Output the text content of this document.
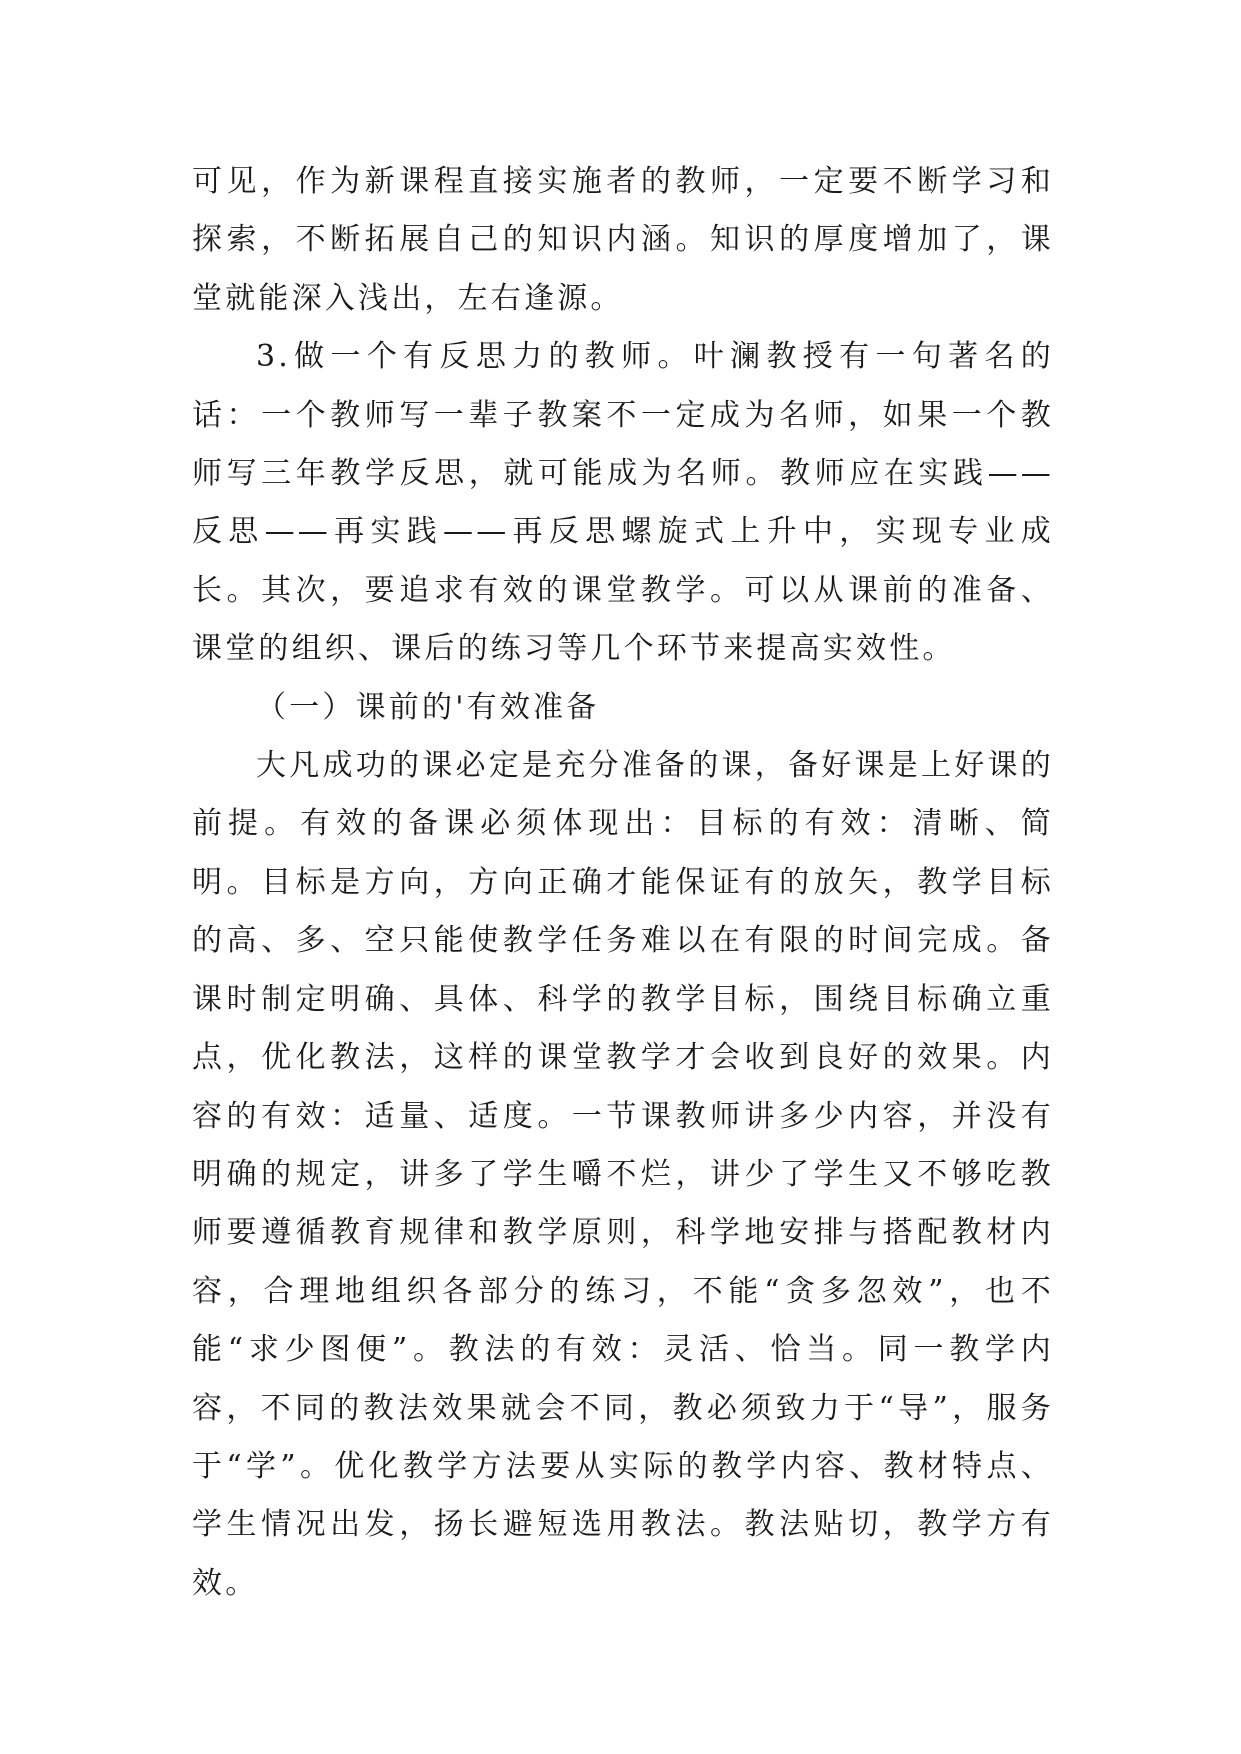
可见，作为新课程直接实施者的教师，一定要不断学习和探索，不断拓展自己的知识内涵。知识的厚度增加了，课堂就能深入浅出，左右逢源。

3.做一个有反思力的教师。叶澜教授有一句著名的话：一个教师写一辈子教案不一定成为名师，如果一个教师写三年教学反思，就可能成为名师。教师应在实践——反思——再实践——再反思螺旋式上升中，实现专业成长。其次，要追求有效的课堂教学。可以从课前的准备、课堂的组织、课后的练习等几个环节来提高实效性。

（一）课前的'有效准备

大凡成功的课必定是充分准备的课，备好课是上好课的前提。有效的备课必须体现出：目标的有效：清晰、简明。目标是方向，方向正确才能保证有的放矢，教学目标的高、多、空只能使教学任务难以在有限的时间完成。备课时制定明确、具体、科学的教学目标，围绕目标确立重点，优化教法，这样的课堂教学才会收到良好的效果。内容的有效：适量、适度。一节课教师讲多少内容，并没有明确的规定，讲多了学生嚼不烂，讲少了学生又不够吃教师要遵循教育规律和教学原则，科学地安排与搭配教材内容，合理地组织各部分的练习，不能“贪多忽效”，也不能“求少图便”。教法的有效：灵活、恰当。同一教学内容，不同的教法效果就会不同，教必须致力于“导”，服务于“学”。优化教学方法要从实际的教学内容、教材特点、学生情况出发，扬长避短选用教法。教法贴切，教学方有效。
